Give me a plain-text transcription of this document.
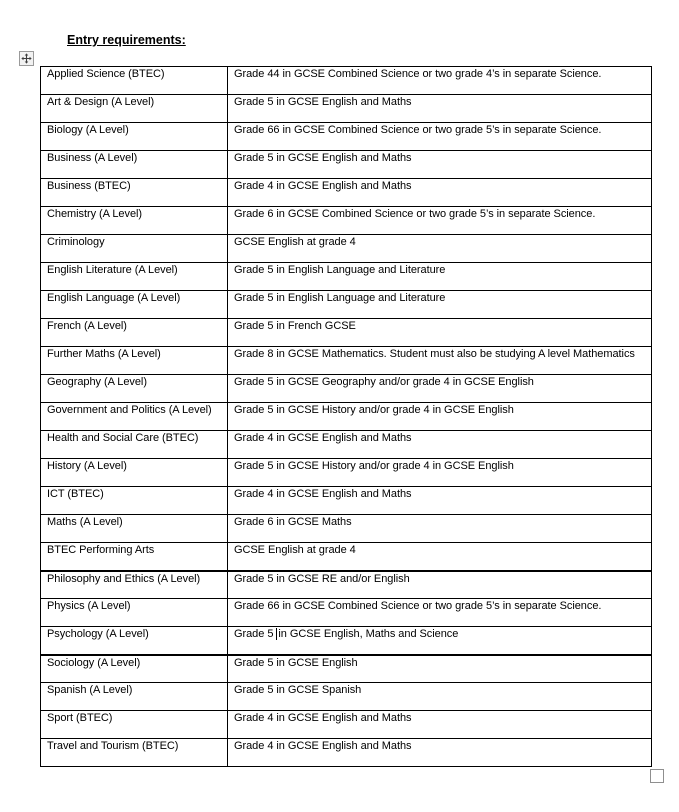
Entry requirements:
Applied Science (BTEC)	Grade 44 in GCSE Combined Science or two grade 4’s in separate Science.
Art & Design (A Level)	Grade 5 in GCSE English and Maths
Biology (A Level)	Grade 66 in GCSE Combined Science or two grade 5’s in separate Science.
Business (A Level)	Grade 5 in GCSE English and Maths
Business (BTEC)	Grade 4 in GCSE English and Maths
Chemistry (A Level)	Grade 6 in GCSE Combined Science or two grade 5’s in separate Science.
Criminology	GCSE English at grade 4
English Literature (A Level)	Grade 5 in English Language and Literature
English Language (A Level)	Grade 5 in English Language and Literature
French (A Level)	Grade 5 in French GCSE
Further Maths (A Level)	Grade 8 in GCSE Mathematics. Student must also be studying A level Mathematics
Geography (A Level)	Grade 5 in GCSE Geography and/or grade 4 in GCSE English
Government and Politics (A Level)	Grade 5 in GCSE History and/or grade 4 in GCSE English
Health and Social Care (BTEC)	Grade 4 in GCSE English and Maths
History (A Level)	Grade 5 in GCSE History and/or grade 4 in GCSE English
ICT (BTEC)	Grade 4 in GCSE English and Maths
Maths (A Level)	Grade 6 in GCSE Maths
BTEC Performing Arts	GCSE English at grade 4
Philosophy and Ethics (A Level)	Grade 5 in GCSE RE and/or English
Physics (A Level)	Grade 66 in GCSE Combined Science or two grade 5’s in separate Science.
Psychology (A Level)	Grade 5 in GCSE English, Maths and Science
Sociology (A Level)	Grade 5 in GCSE English
Spanish (A Level)	Grade 5 in GCSE Spanish
Sport (BTEC)	Grade 4 in GCSE English and Maths
Travel and Tourism (BTEC)	Grade 4 in GCSE English and Maths
